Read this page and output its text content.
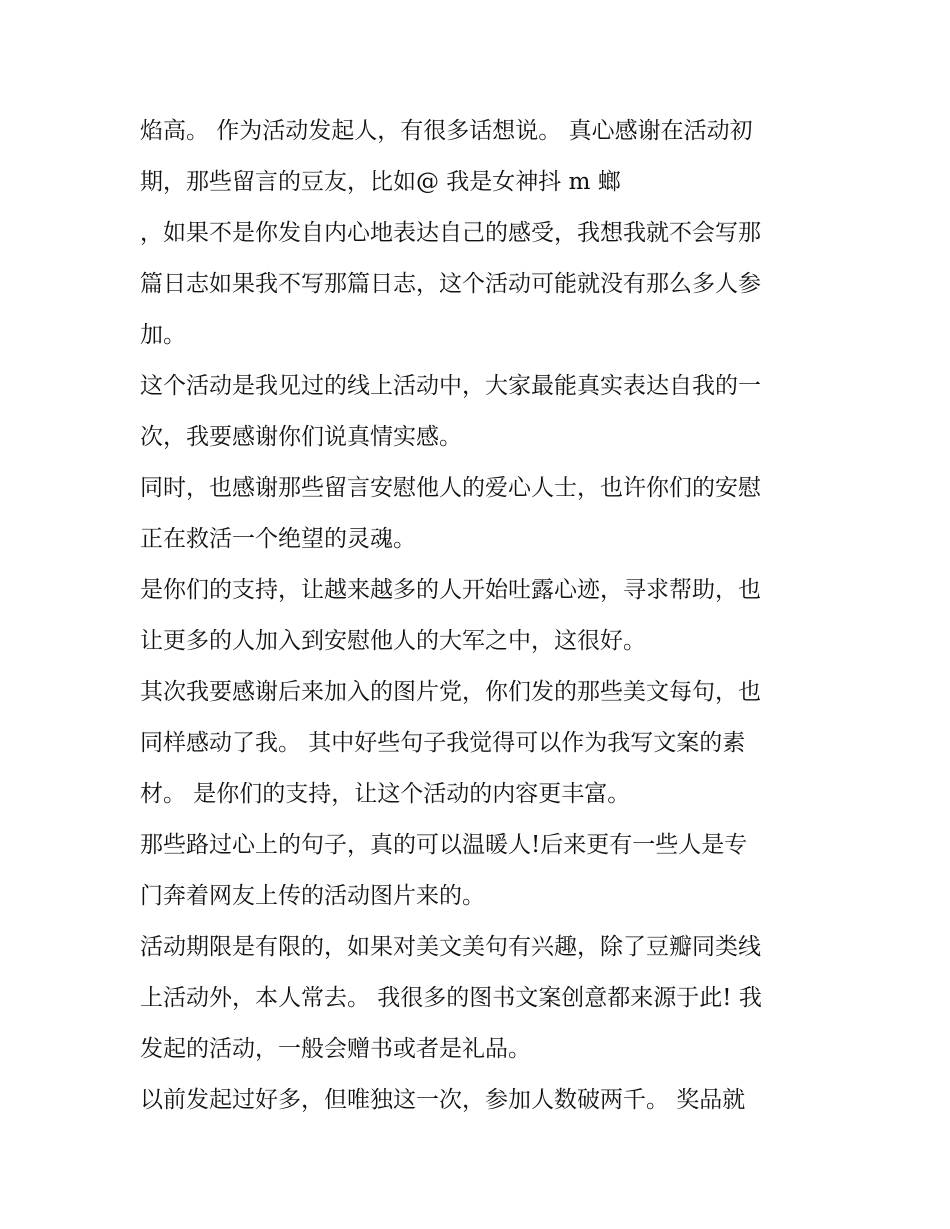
焰高。 作为活动发起人，有很多话想说。 真心感谢在活动初
期，那些留言的豆友，比如@ 我是女神抖 m 螂
，如果不是你发自内心地表达自己的感受，我想我就不会写那
篇日志如果我不写那篇日志，这个活动可能就没有那么多人参
加。
这个活动是我见过的线上活动中，大家最能真实表达自我的一
次，我要感谢你们说真情实感。
同时，也感谢那些留言安慰他人的爱心人士，也许你们的安慰
正在救活一个绝望的灵魂。
是你们的支持，让越来越多的人开始吐露心迹，寻求帮助，也
让更多的人加入到安慰他人的大军之中，这很好。
其次我要感谢后来加入的图片党，你们发的那些美文每句，也
同样感动了我。 其中好些句子我觉得可以作为我写文案的素
材。 是你们的支持，让这个活动的内容更丰富。
那些路过心上的句子，真的可以温暖人!后来更有一些人是专
门奔着网友上传的活动图片来的。
活动期限是有限的，如果对美文美句有兴趣，除了豆瓣同类线
上活动外，本人常去。 我很多的图书文案创意都来源于此! 我
发起的活动，一般会赠书或者是礼品。
以前发起过好多，但唯独这一次，参加人数破两千。 奖品就
